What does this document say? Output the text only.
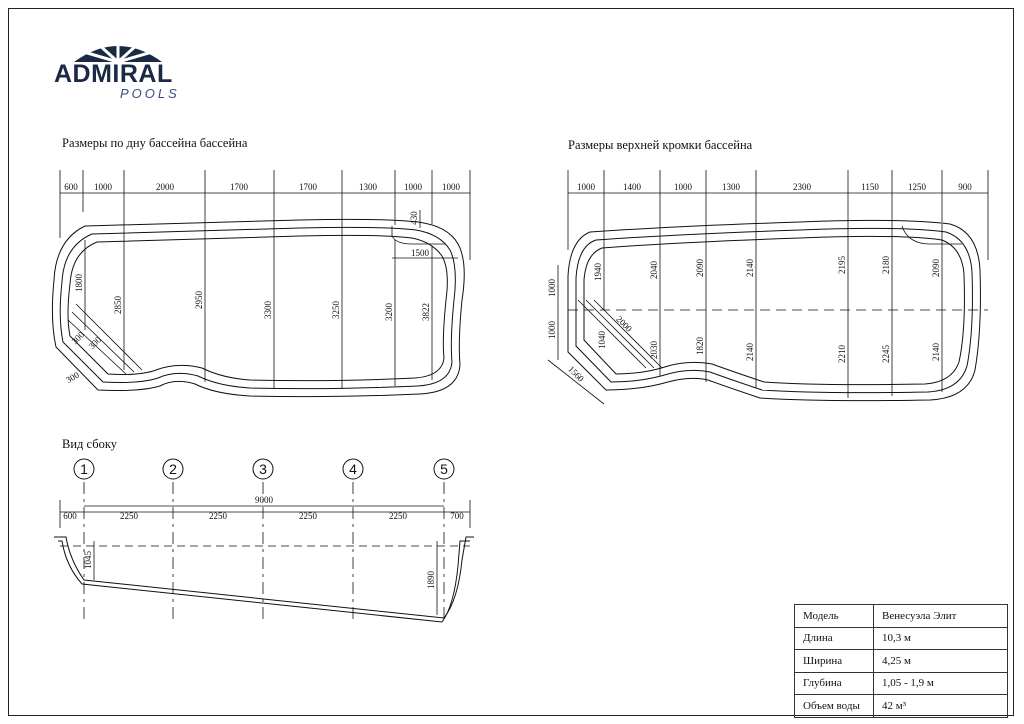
ADMIRAL
POOLS
Размеры по дну бассейна бассейна	Размеры верхней кромки бассейна
Вид сбоку
600 1000	2000	1700	1700	1300	1000 1000
1500
1000	1400	1000	1300	2300	1150	1250	900
9000
600	2250	2250	2250	2250	700
1	2	3	4	5
1800
2850	2950
3300	3250	3200	3822
430
300 300
300
1940	2040	2090	2140	2195	2180	2090
1040
2030	1820	2140	2210	2245	2140
1000
1000	2000
1560
1045
1890
Модель	Венесуэла Элит
Длина	10,3 м
Ширина	4,25 м
Глубина	1,05 - 1,9 м
Объем воды	42 м³
